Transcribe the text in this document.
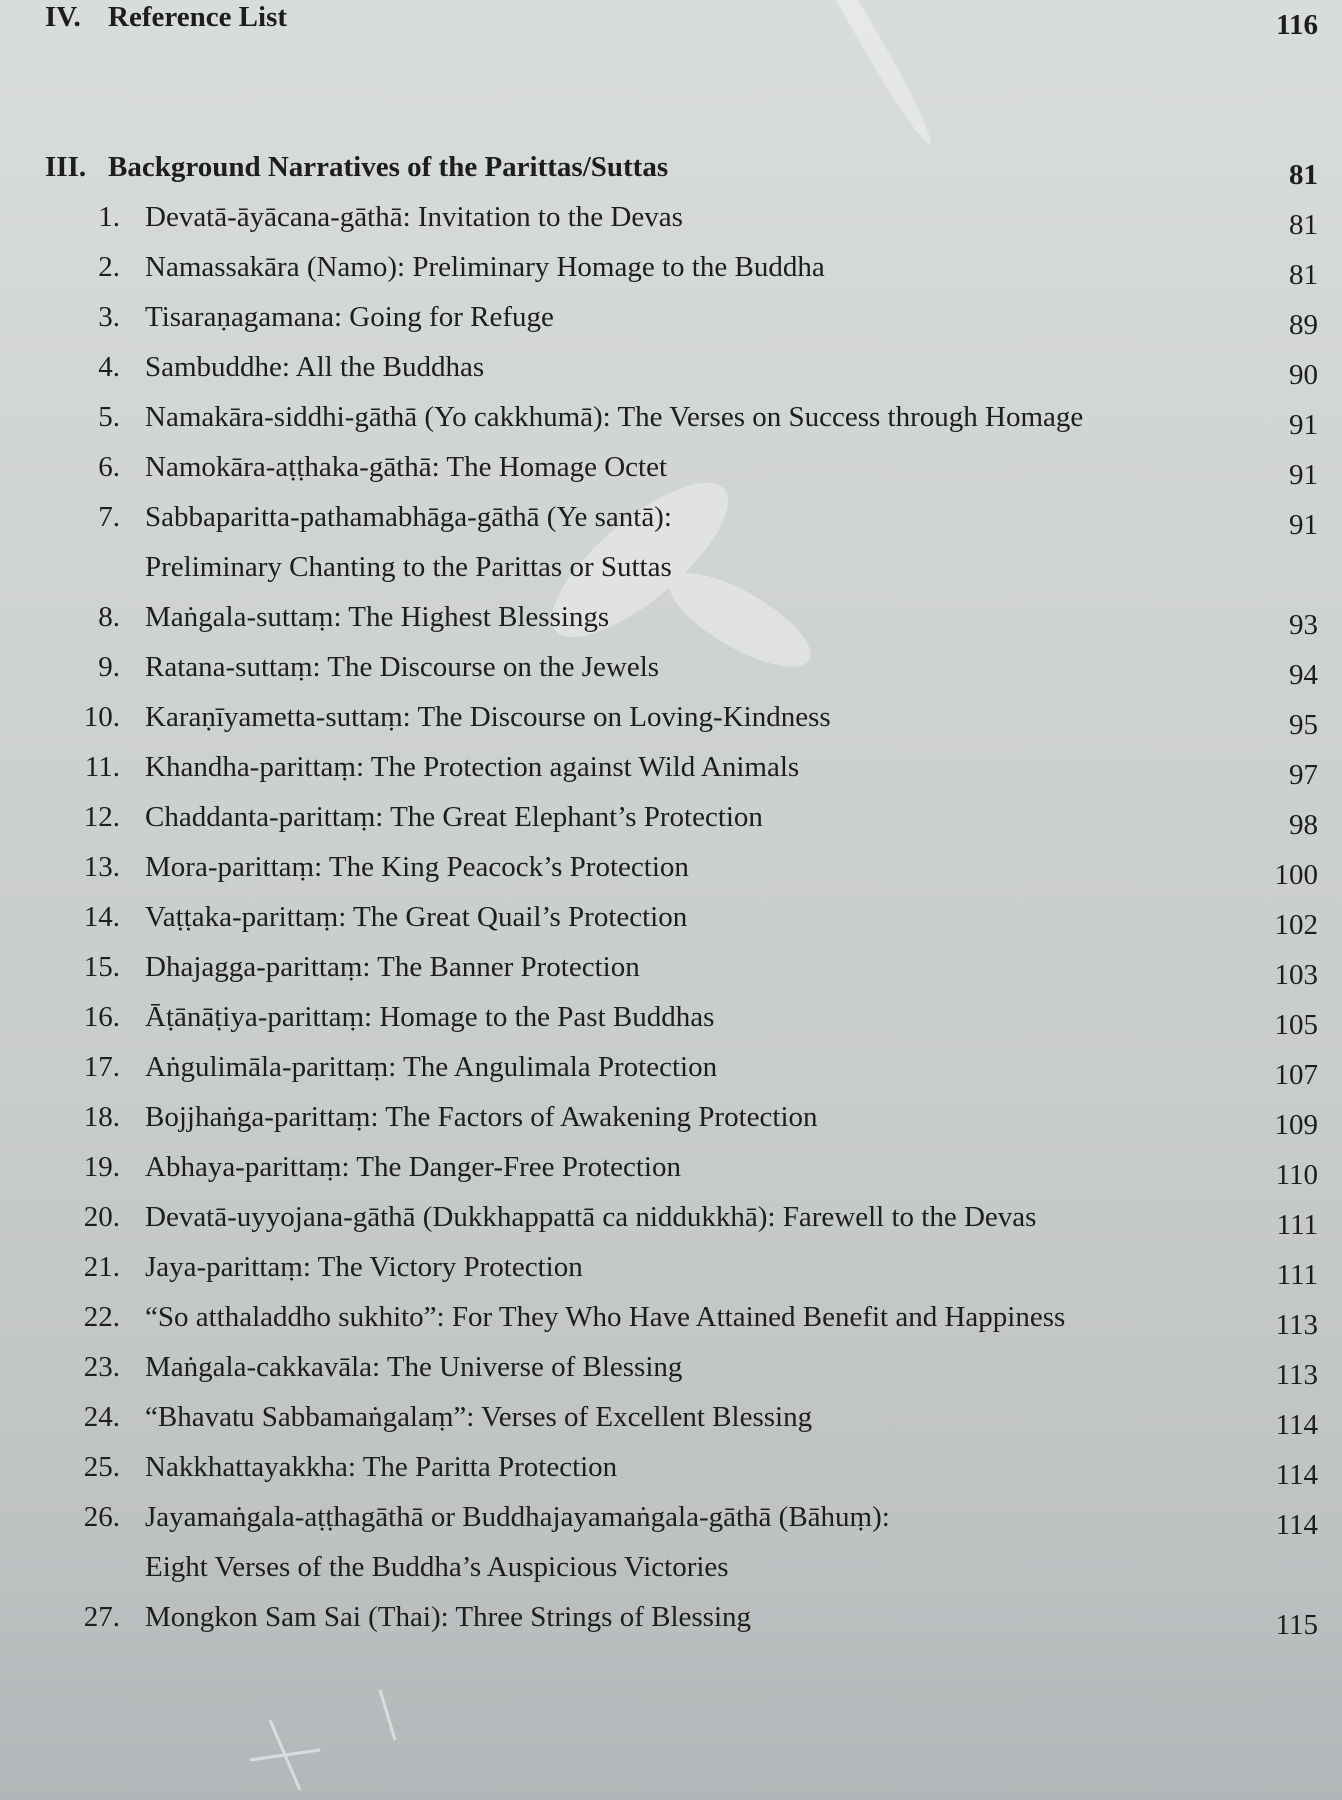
III. Background Narratives of the Parittas/Suttas	81
1. Devatā-āyācana-gāthā: Invitation to the Devas	81
2. Namassakāra (Namo): Preliminary Homage to the Buddha	81
3. Tisaraṇagamana: Going for Refuge	89
4. Sambuddhe: All the Buddhas	90
5. Namakāra-siddhi-gāthā (Yo cakkhumā): The Verses on Success through Homage	91
6. Namokāra-aṭṭhaka-gāthā: The Homage Octet	91
7. Sabbaparitta-pathamabhāga-gāthā (Ye santā):	91
Preliminary Chanting to the Parittas or Suttas
8. Maṅgala-suttaṃ: The Highest Blessings	93
9. Ratana-suttaṃ: The Discourse on the Jewels	94
10. Karaṇīyametta-suttaṃ: The Discourse on Loving-Kindness	95
11. Khandha-parittaṃ: The Protection against Wild Animals	97
12. Chaddanta-parittaṃ: The Great Elephant’s Protection	98
13. Mora-parittaṃ: The King Peacock’s Protection	100
14. Vaṭṭaka-parittaṃ: The Great Quail’s Protection	102
15. Dhajagga-parittaṃ: The Banner Protection	103
16. Āṭānāṭiya-parittaṃ: Homage to the Past Buddhas	105
17. Aṅgulimāla-parittaṃ: The Angulimala Protection	107
18. Bojjhaṅga-parittaṃ: The Factors of Awakening Protection	109
19. Abhaya-parittaṃ: The Danger-Free Protection	110
20. Devatā-uyyojana-gāthā (Dukkhappattā ca niddukkhā): Farewell to the Devas	111
21. Jaya-parittaṃ: The Victory Protection	111
22. “So atthaladdho sukhito”: For They Who Have Attained Benefit and Happiness	113
23. Maṅgala-cakkavāla: The Universe of Blessing	113
24. “Bhavatu Sabbamaṅgalaṃ”: Verses of Excellent Blessing	114
25. Nakkhattayakkha: The Paritta Protection	114
26. Jayamaṅgala-aṭṭhagāthā or Buddhajayamaṅgala-gāthā (Bāhuṃ):	114
Eight Verses of the Buddha’s Auspicious Victories
27. Mongkon Sam Sai (Thai): Three Strings of Blessing	115
IV. Reference List	116
